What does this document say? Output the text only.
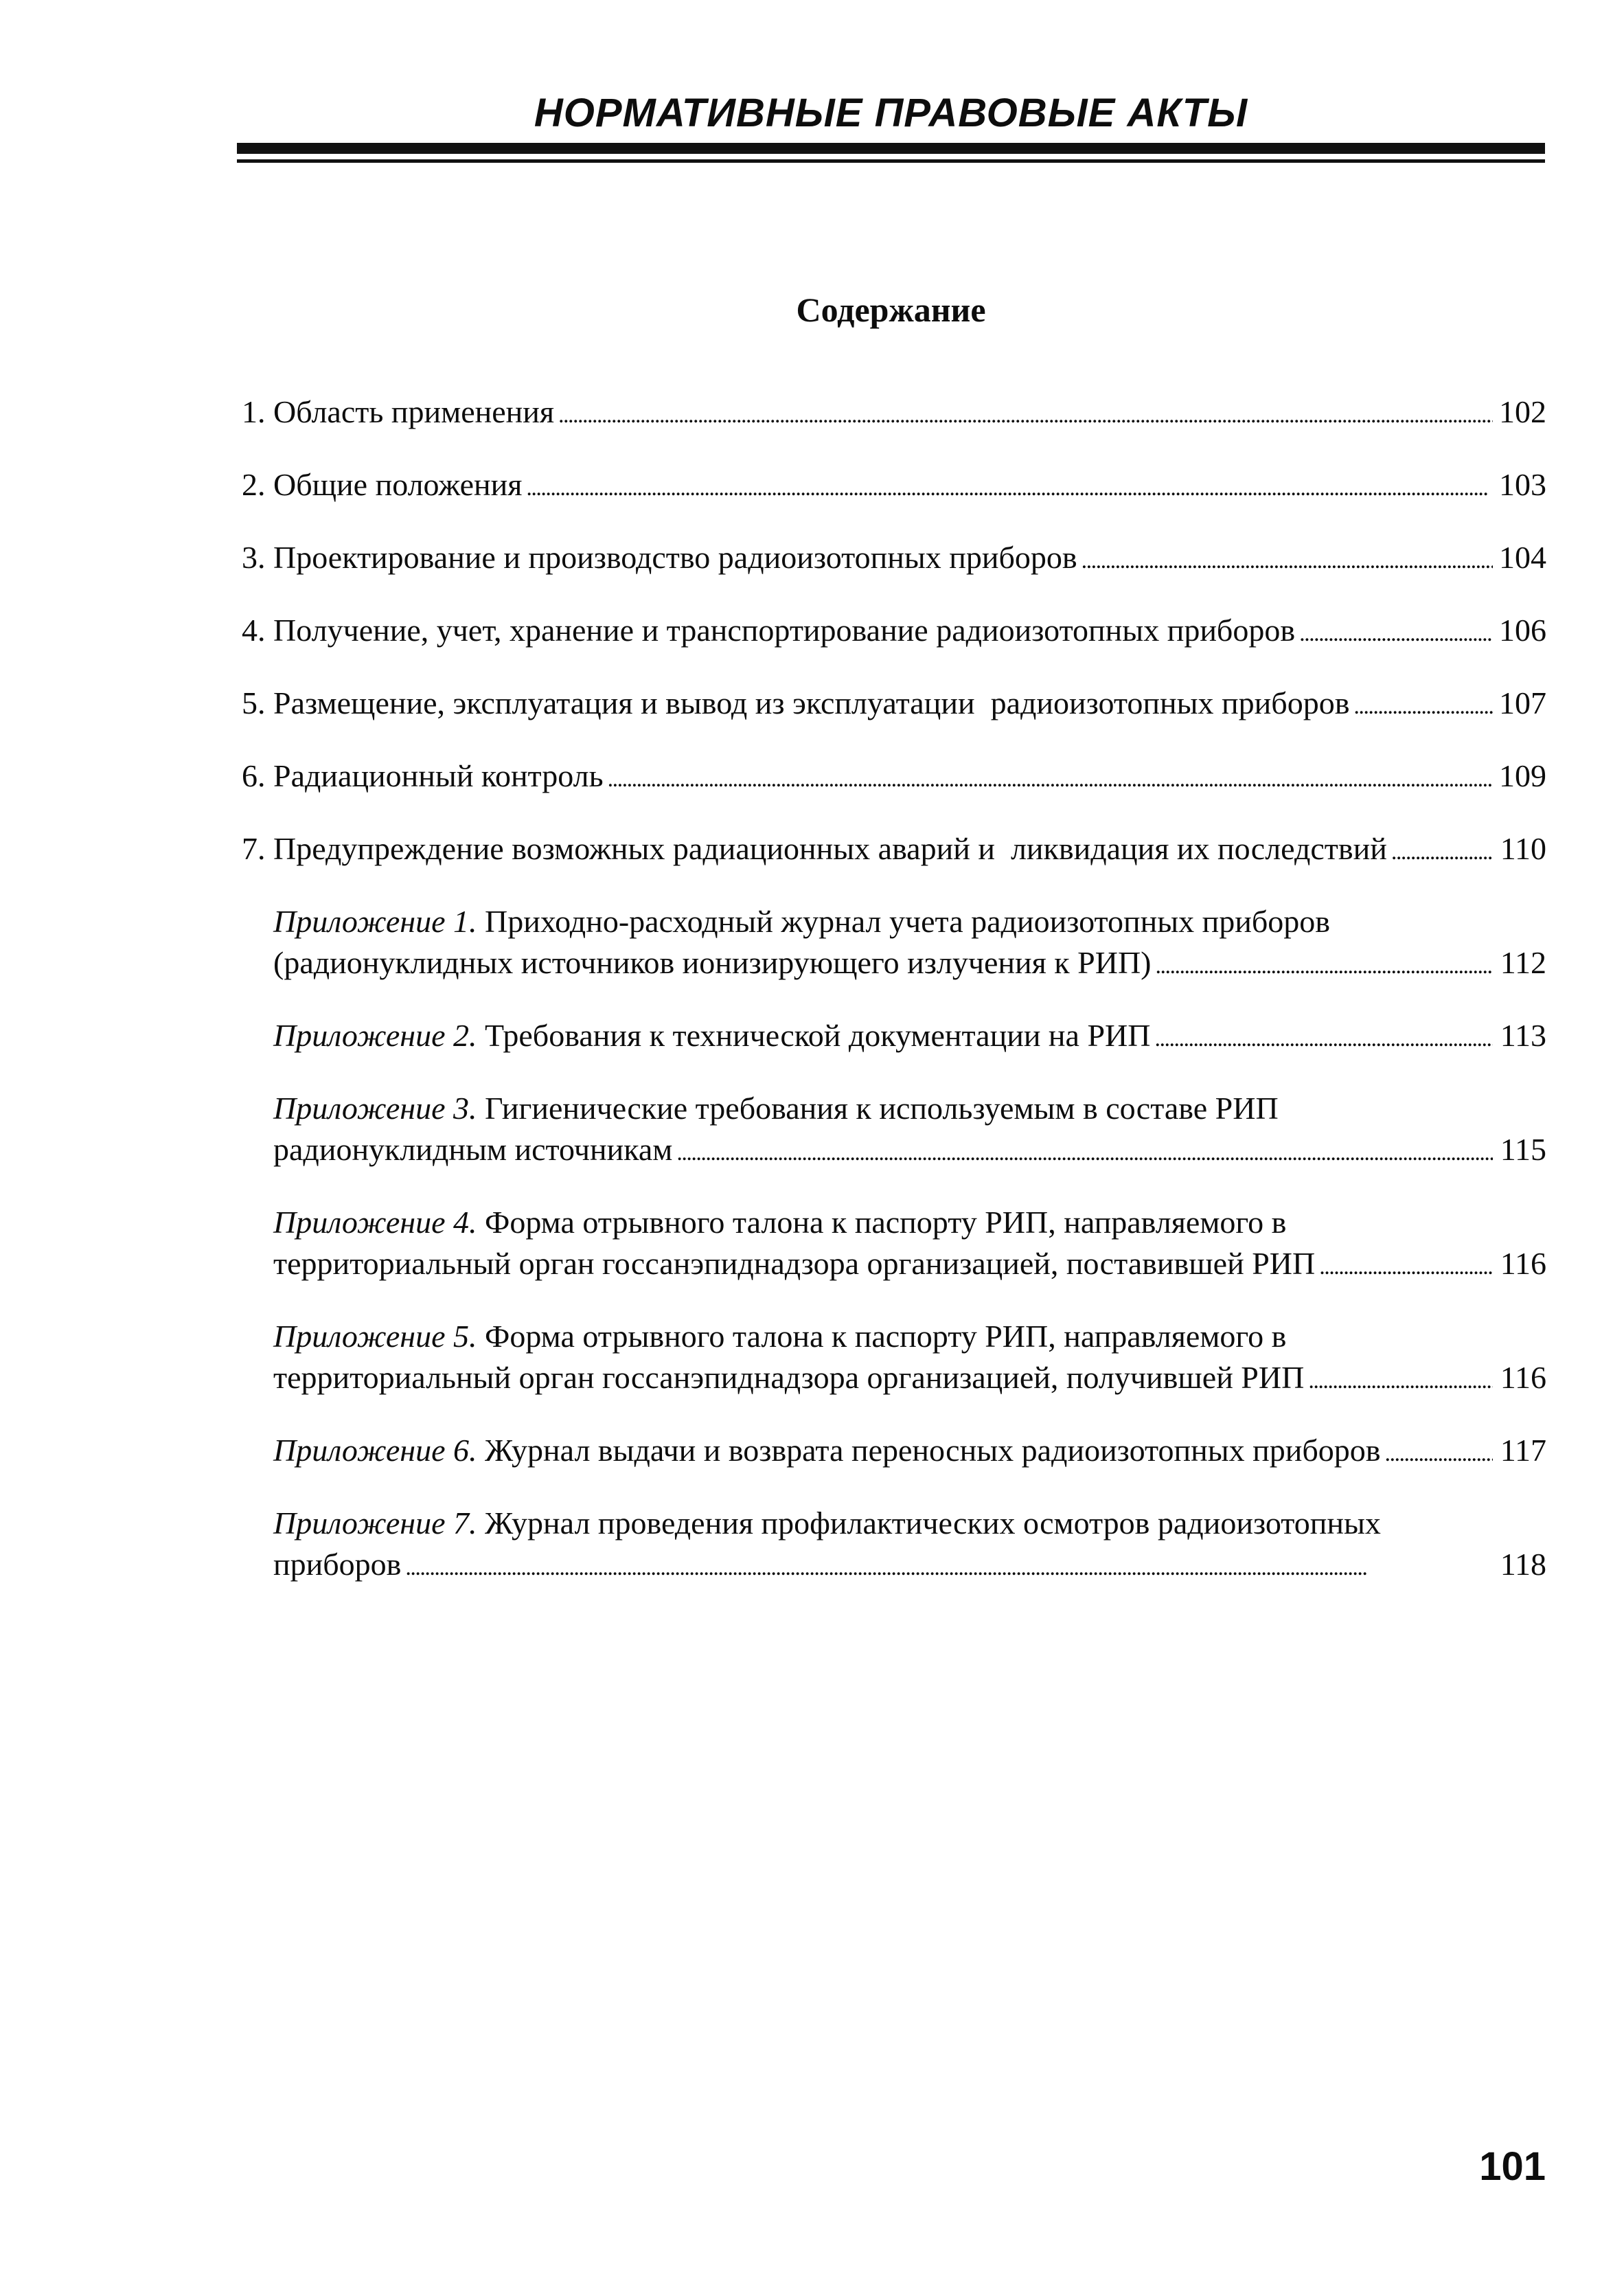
НОРМАТИВНЫЕ ПРАВОВЫЕ АКТЫ
Содержание
1. Область применения . . .	102
2. Общие положения . . .	103
3. Проектирование и производство радиоизотопных приборов . . .	104
4. Получение, учет, хранение и транспортирование радиоизотопных приборов . . .	106
5. Размещение, эксплуатация и вывод из эксплуатации  радиоизотопных приборов . . .	107
6. Радиационный контроль . . .	109
7. Предупреждение возможных радиационных аварий и  ликвидация их последствий . . .	110
Приложение 1. Приходно-расходный журнал учета радиоизотопных приборов
(радионуклидных источников ионизирующего излучения к РИП) . . .	112
Приложение 2. Требования к технической документации на РИП . . .	113
Приложение 3. Гигиенические требования к используемым в составе РИП
радионуклидным источникам . . .	115
Приложение 4. Форма отрывного талона к паспорту РИП, направляемого в
территориальный орган госсанэпиднадзора организацией, поставившей РИП . . .	116
Приложение 5. Форма отрывного талона к паспорту РИП, направляемого в
территориальный орган госсанэпиднадзора организацией, получившей РИП . . .	116
Приложение 6. Журнал выдачи и возврата переносных радиоизотопных приборов . . .	117
Приложение 7. Журнал проведения профилактических осмотров радиоизотопных
приборов . . .	118
101
